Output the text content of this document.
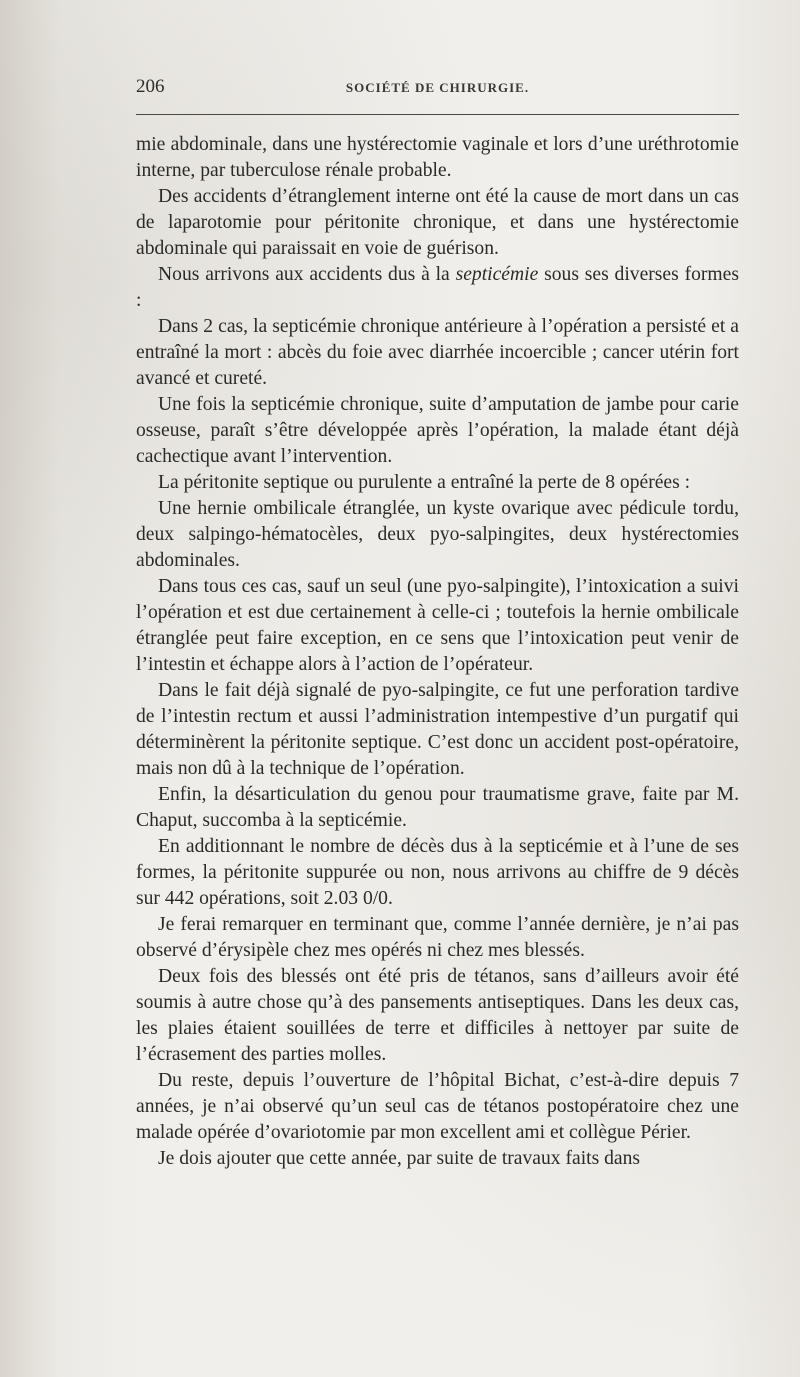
206	SOCIÉTÉ DE CHIRURGIE.

mie abdominale, dans une hystérectomie vaginale et lors d’une uréthrotomie interne, par tuberculose rénale probable.

Des accidents d’étranglement interne ont été la cause de mort dans un cas de laparotomie pour péritonite chronique, et dans une hystérectomie abdominale qui paraissait en voie de guérison.

Nous arrivons aux accidents dus à la septicémie sous ses diverses formes :

Dans 2 cas, la septicémie chronique antérieure à l’opération a persisté et a entraîné la mort : abcès du foie avec diarrhée incoercible ; cancer utérin fort avancé et cureté.

Une fois la septicémie chronique, suite d’amputation de jambe pour carie osseuse, paraît s’être développée après l’opération, la malade étant déjà cachectique avant l’intervention.

La péritonite septique ou purulente a entraîné la perte de 8 opérées :

Une hernie ombilicale étranglée, un kyste ovarique avec pédicule tordu, deux salpingo-hématocèles, deux pyo-salpingites, deux hystérectomies abdominales.

Dans tous ces cas, sauf un seul (une pyo-salpingite), l’intoxication a suivi l’opération et est due certainement à celle-ci ; toutefois la hernie ombilicale étranglée peut faire exception, en ce sens que l’intoxication peut venir de l’intestin et échappe alors à l’action de l’opérateur.

Dans le fait déjà signalé de pyo-salpingite, ce fut une perforation tardive de l’intestin rectum et aussi l’administration intempestive d’un purgatif qui déterminèrent la péritonite septique. C’est donc un accident post-opératoire, mais non dû à la technique de l’opération.

Enfin, la désarticulation du genou pour traumatisme grave, faite par M. Chaput, succomba à la septicémie.

En additionnant le nombre de décès dus à la septicémie et à l’une de ses formes, la péritonite suppurée ou non, nous arrivons au chiffre de 9 décès sur 442 opérations, soit 2.03 0/0.

Je ferai remarquer en terminant que, comme l’année dernière, je n’ai pas observé d’érysipèle chez mes opérés ni chez mes blessés.

Deux fois des blessés ont été pris de tétanos, sans d’ailleurs avoir été soumis à autre chose qu’à des pansements antiseptiques. Dans les deux cas, les plaies étaient souillées de terre et difficiles à nettoyer par suite de l’écrasement des parties molles.

Du reste, depuis l’ouverture de l’hôpital Bichat, c’est-à-dire depuis 7 années, je n’ai observé qu’un seul cas de tétanos postopératoire chez une malade opérée d’ovariotomie par mon excellent ami et collègue Périer.

Je dois ajouter que cette année, par suite de travaux faits dans
